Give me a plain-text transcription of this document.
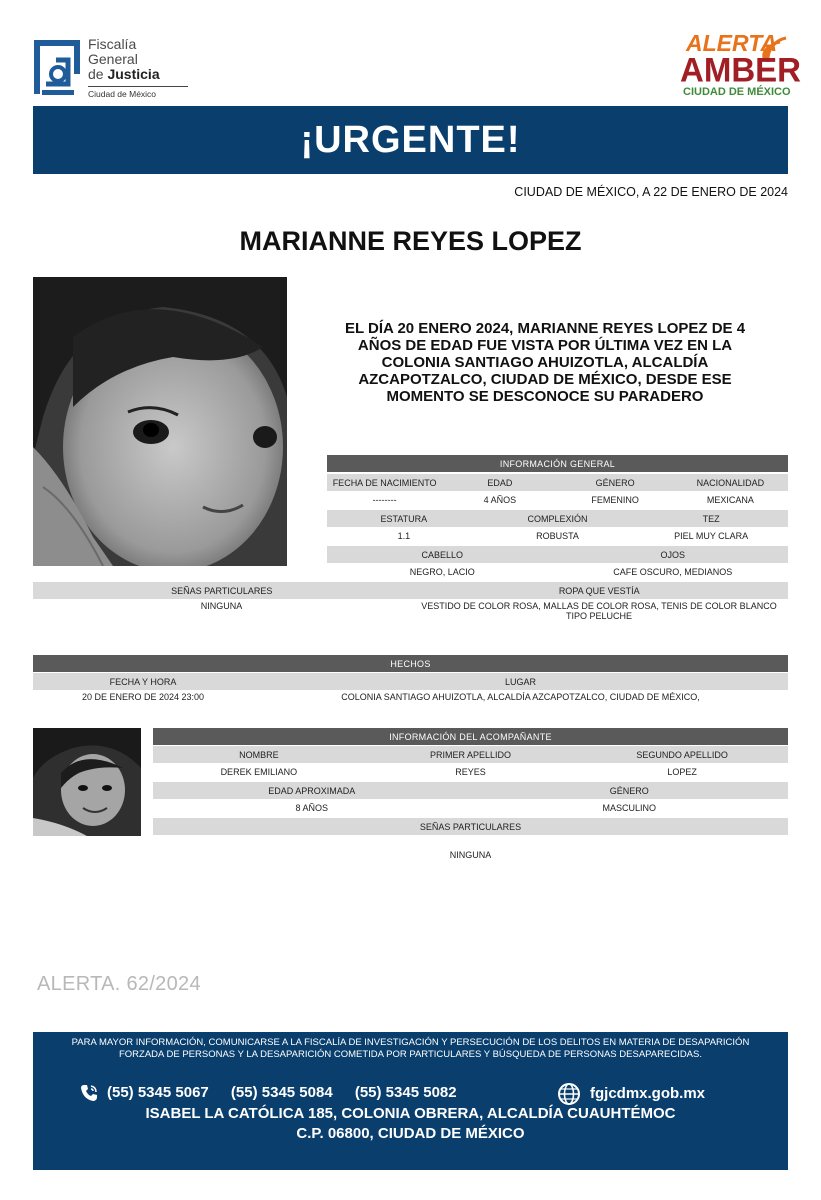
Fiscalía
General
de Justicia
Ciudad de México
ALERTA
AMBER
CIUDAD DE MÉXICO
¡URGENTE!
CIUDAD DE MÉXICO, A 22 DE ENERO DE 2024
MARIANNE REYES LOPEZ
EL DÍA 20 ENERO 2024, MARIANNE REYES LOPEZ DE 4 AÑOS DE EDAD FUE VISTA POR ÚLTIMA VEZ EN LA COLONIA SANTIAGO AHUIZOTLA, ALCALDÍA AZCAPOTZALCO, CIUDAD DE MÉXICO, DESDE ESE MOMENTO SE DESCONOCE SU PARADERO
INFORMACIÓN GENERAL
FECHA DE NACIMIENTO	EDAD	GÉNERO	NACIONALIDAD
--------	4 AÑOS	FEMENINO	MEXICANA
ESTATURA	COMPLEXIÓN	TEZ
1.1	ROBUSTA	PIEL MUY CLARA
CABELLO	OJOS
NEGRO, LACIO	CAFE OSCURO, MEDIANOS
SEÑAS PARTICULARES	ROPA QUE VESTÍA
NINGUNA	VESTIDO DE COLOR ROSA, MALLAS DE COLOR ROSA, TENIS DE COLOR BLANCO
TIPO PELUCHE
HECHOS
FECHA Y HORA	LUGAR
20 DE ENERO DE 2024 23:00	COLONIA SANTIAGO AHUIZOTLA, ALCALDÍA AZCAPOTZALCO, CIUDAD DE MÉXICO,
INFORMACIÓN DEL ACOMPAÑANTE
NOMBRE	PRIMER APELLIDO	SEGUNDO APELLIDO
DEREK EMILIANO	REYES	LOPEZ
EDAD APROXIMADA	GÉNERO
8 AÑOS	MASCULINO
SEÑAS PARTICULARES
NINGUNA
ALERTA. 62/2024
PARA MAYOR INFORMACIÓN, COMUNICARSE A LA FISCALÍA DE INVESTIGACIÓN Y PERSECUCIÓN DE LOS DELITOS EN MATERIA DE DESAPARICIÓN
FORZADA DE PERSONAS Y LA DESAPARICIÓN COMETIDA POR PARTICULARES Y BÚSQUEDA DE PERSONAS DESAPARECIDAS.
(55) 5345 5067 (55) 5345 5084 (55) 5345 5082	fgjcdmx.gob.mx
ISABEL LA CATÓLICA 185, COLONIA OBRERA, ALCALDÍA CUAUHTÉMOC
C.P. 06800, CIUDAD DE MÉXICO
